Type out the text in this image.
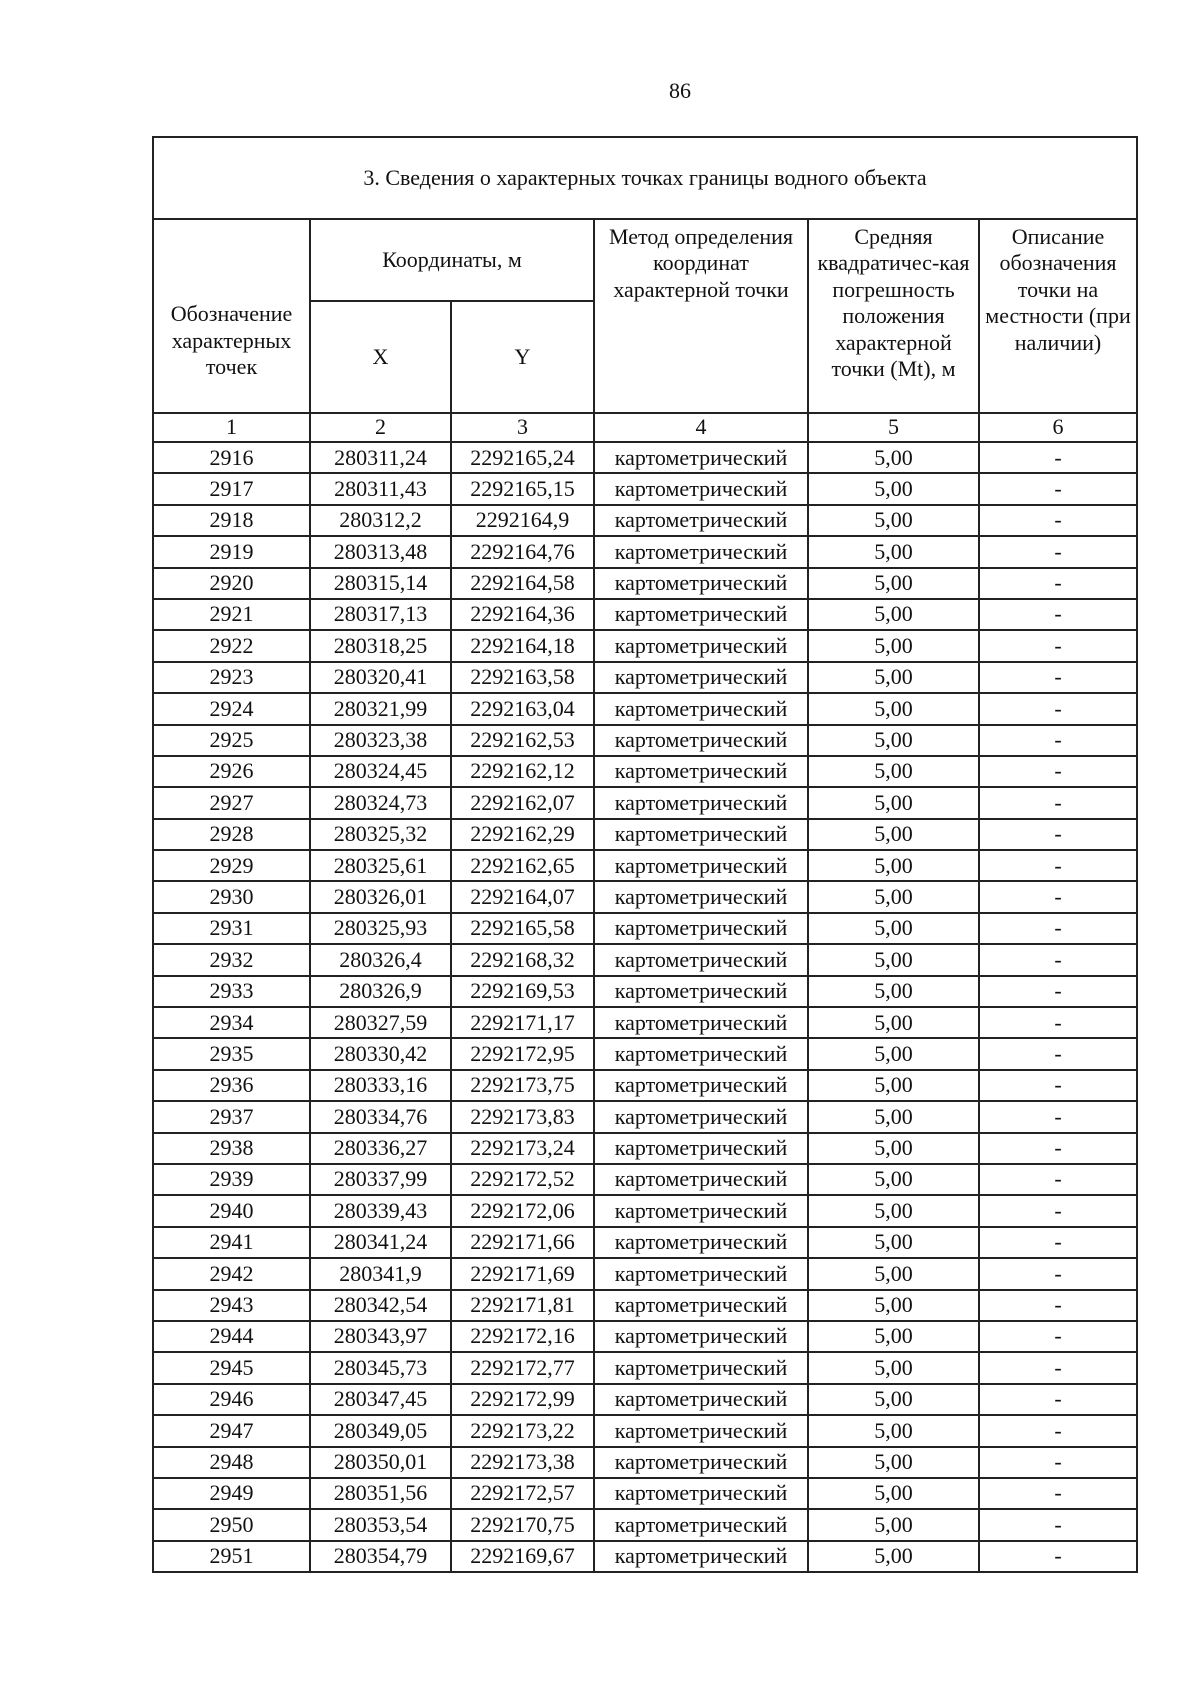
86
3. Сведения о характерных точках границы водного объекта					
Обозначение характерных точек	Координаты, м		Метод определения координат характерной точки	Средняя квадратичес-кая погрешность положения характерной точки (Mt), м	Описание обозначения точки на местности (при наличии)
	X	Y			
1	2	3	4	5	6
2916	280311,24	2292165,24	картометрический	5,00	-
2917	280311,43	2292165,15	картометрический	5,00	-
2918	280312,2	2292164,9	картометрический	5,00	-
2919	280313,48	2292164,76	картометрический	5,00	-
2920	280315,14	2292164,58	картометрический	5,00	-
2921	280317,13	2292164,36	картометрический	5,00	-
2922	280318,25	2292164,18	картометрический	5,00	-
2923	280320,41	2292163,58	картометрический	5,00	-
2924	280321,99	2292163,04	картометрический	5,00	-
2925	280323,38	2292162,53	картометрический	5,00	-
2926	280324,45	2292162,12	картометрический	5,00	-
2927	280324,73	2292162,07	картометрический	5,00	-
2928	280325,32	2292162,29	картометрический	5,00	-
2929	280325,61	2292162,65	картометрический	5,00	-
2930	280326,01	2292164,07	картометрический	5,00	-
2931	280325,93	2292165,58	картометрический	5,00	-
2932	280326,4	2292168,32	картометрический	5,00	-
2933	280326,9	2292169,53	картометрический	5,00	-
2934	280327,59	2292171,17	картометрический	5,00	-
2935	280330,42	2292172,95	картометрический	5,00	-
2936	280333,16	2292173,75	картометрический	5,00	-
2937	280334,76	2292173,83	картометрический	5,00	-
2938	280336,27	2292173,24	картометрический	5,00	-
2939	280337,99	2292172,52	картометрический	5,00	-
2940	280339,43	2292172,06	картометрический	5,00	-
2941	280341,24	2292171,66	картометрический	5,00	-
2942	280341,9	2292171,69	картометрический	5,00	-
2943	280342,54	2292171,81	картометрический	5,00	-
2944	280343,97	2292172,16	картометрический	5,00	-
2945	280345,73	2292172,77	картометрический	5,00	-
2946	280347,45	2292172,99	картометрический	5,00	-
2947	280349,05	2292173,22	картометрический	5,00	-
2948	280350,01	2292173,38	картометрический	5,00	-
2949	280351,56	2292172,57	картометрический	5,00	-
2950	280353,54	2292170,75	картометрический	5,00	-
2951	280354,79	2292169,67	картометрический	5,00	-
